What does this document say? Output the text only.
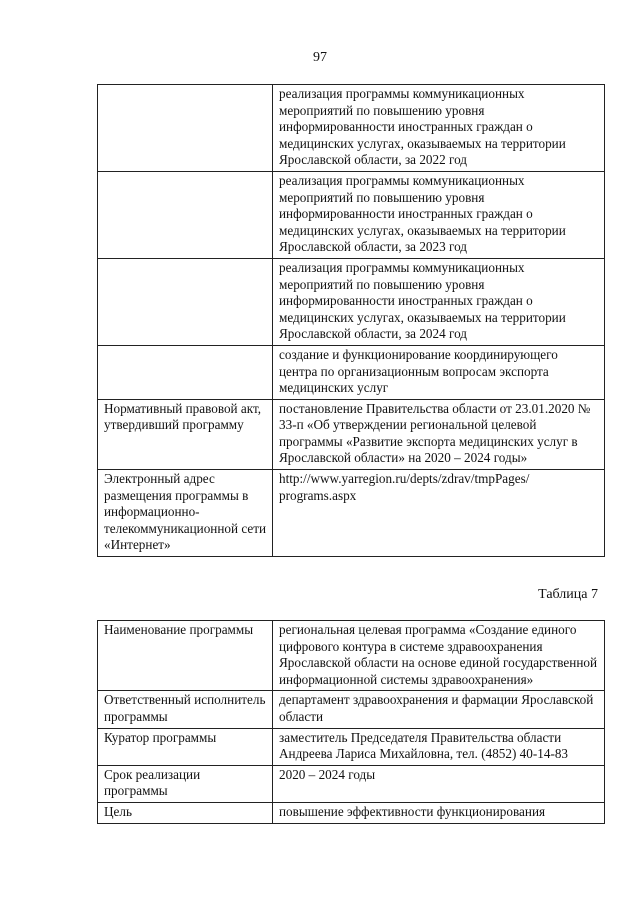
97
	реализация программы коммуникационных мероприятий по повышению уровня информированности иностранных граждан о медицинских услугах, оказываемых на территории Ярославской области, за 2022 год
	реализация программы коммуникационных мероприятий по повышению уровня информированности иностранных граждан о медицинских услугах, оказываемых на территории Ярославской области, за 2023 год
	реализация программы коммуникационных мероприятий по повышению уровня информированности иностранных граждан о медицинских услугах, оказываемых на территории Ярославской области, за 2024 год
	создание и функционирование координирующего центра по организационным вопросам экспорта медицинских услуг
Нормативный правовой акт, утвердивший программу	постановление Правительства области от 23.01.2020 № 33-п «Об утверждении региональной целевой программы «Развитие экспорта медицинских услуг в Ярославской области» на 2020 – 2024 годы»
Электронный адрес размещения программы в информационно-телекоммуникационной сети «Интернет»	http://www.yarregion.ru/depts/zdrav/tmpPages/ programs.aspx
Таблица 7
Наименование программы	региональная целевая программа «Создание единого цифрового контура в системе здравоохранения Ярославской области на основе единой государственной информационной системы здравоохранения»
Ответственный исполнитель программы	департамент здравоохранения и фармации Ярославской области
Куратор программы	заместитель Председателя Правительства области Андреева Лариса Михайловна, тел. (4852) 40-14-83
Срок реализации программы	2020 – 2024 годы
Цель	повышение эффективности функционирования
